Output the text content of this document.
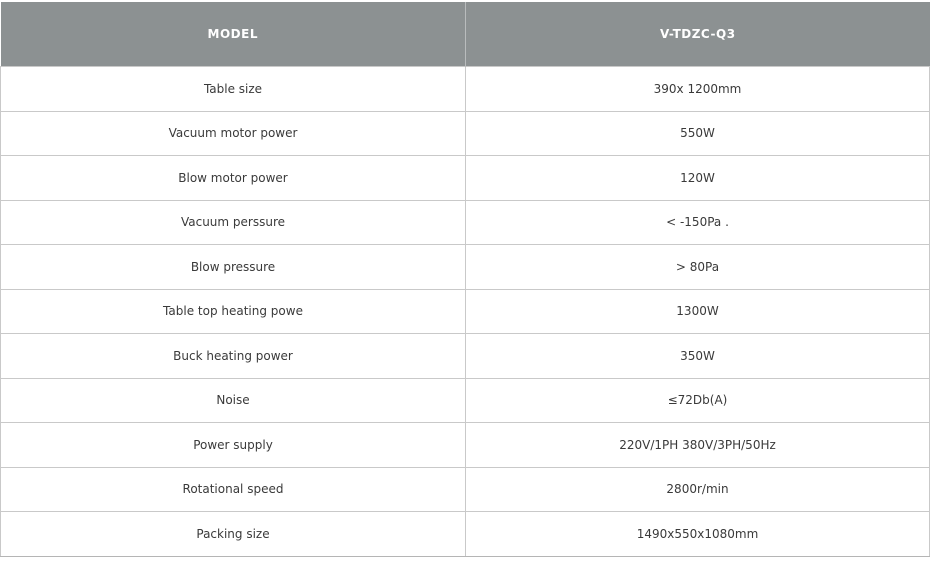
MODEL	V-TDZC-Q3
Table size	390x 1200mm
Vacuum motor power	550W
Blow motor power	120W
Vacuum perssure	< -150Pa .
Blow pressure	> 80Pa
Table top heating powe	1300W
Buck heating power	350W
Noise	≤72Db(A)
Power supply	220V/1PH 380V/3PH/50Hz
Rotational speed	2800r/min
Packing size	1490x550x1080mm
